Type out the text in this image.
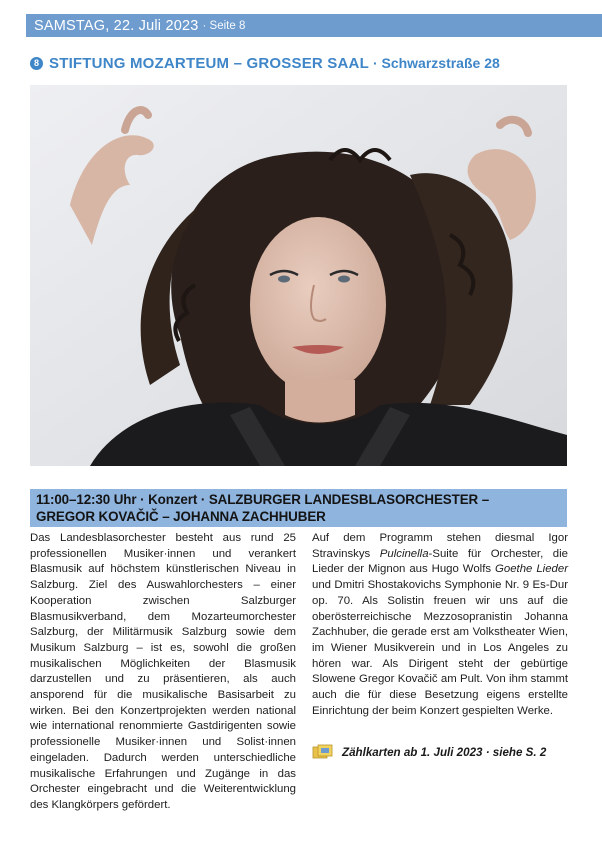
SAMSTAG, 22. Juli 2023 · Seite 8
8 STIFTUNG MOZARTEUM – GROSSER SAAL · Schwarzstraße 28
11:00–12:30 Uhr · Konzert · SALZBURGER LANDESBLASORCHESTER –
GREGOR KOVAČIČ – JOHANNA ZACHHUBER

Das Landesblasorchester besteht aus rund 25 professionellen Musiker·innen und verankert Blasmusik auf höchstem künstlerischen Niveau in Salzburg. Ziel des Auswahlorchesters – einer Kooperation zwischen Salzburger Blasmusikverband, dem Mozarteumorchester Salzburg, der Militärmusik Salzburg sowie dem Musikum Salzburg – ist es, sowohl die großen musikalischen Möglichkeiten der Blasmusik darzustellen und zu präsentieren, als auch ansporend für die musikalische Basisarbeit zu wirken. Bei den Konzertprojekten werden national wie international renommierte Gastdirigenten sowie professionelle Musiker·innen und Solist·innen eingeladen. Dadurch werden unterschiedliche musikalische Erfahrungen und Zugänge in das Orchester eingebracht und die Weiterentwicklung des Klangkörpers gefördert.

Auf dem Programm stehen diesmal Igor Stravinskys Pulcinella-Suite für Orchester, die Lieder der Mignon aus Hugo Wolfs Goethe Lieder und Dmitri Shostakovichs Symphonie Nr. 9 Es-Dur op. 70. Als Solistin freuen wir uns auf die oberösterreichische Mezzosopranistin Johanna Zachhuber, die gerade erst am Volkstheater Wien, im Wiener Musikverein und in Los Angeles zu hören war. Als Dirigent steht der gebürtige Slowene Gregor Kovačič am Pult. Von ihm stammt auch die für diese Besetzung eigens erstellte Einrichtung der beim Konzert gespielten Werke.

Zählkarten ab 1. Juli 2023 · siehe S. 2
